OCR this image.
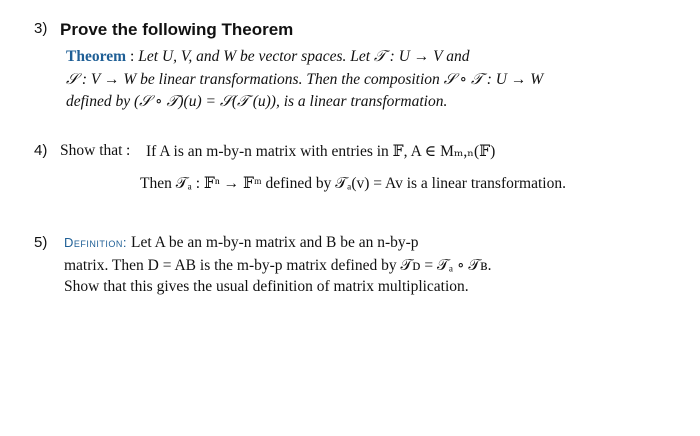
3) Prove the following Theorem
Theorem : Let U, V, and W be vector spaces. Let 𝒯 : U → V and
𝒮 : V → W be linear transformations. Then the composition 𝒮 ∘ 𝒯 : U → W
defined by (𝒮 ∘ 𝒯)(u) = 𝒮(𝒯 (u)), is a linear transformation.
4) Show that : If A is an m-by-n matrix with entries in 𝔽, A ∈ Mₘ,ₙ(𝔽)
Then 𝒯ₐ : 𝔽ⁿ → 𝔽ᵐ defined by 𝒯ₐ(v) = Av is a linear transformation.
5) Definition: Let A be an m-by-n matrix and B be an n-by-p
matrix. Then D = AB is the m-by-p matrix defined by 𝒯ᴅ = 𝒯ₐ ∘ 𝒯ʙ.
Show that this gives the usual definition of matrix multiplication.
